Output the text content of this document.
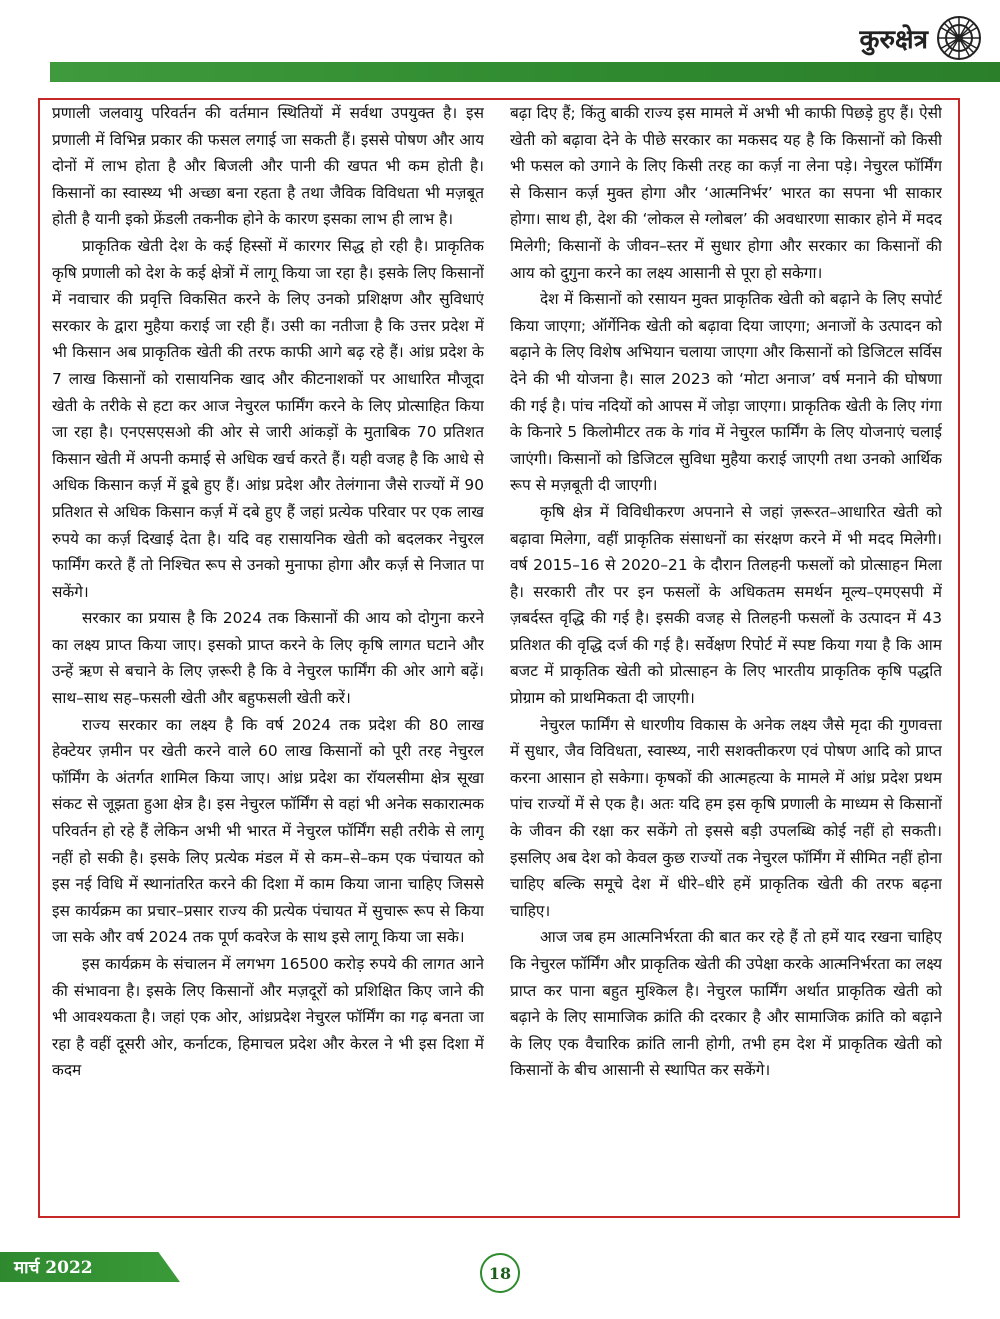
कुरुक्षेत्र

प्रणाली जलवायु परिवर्तन की वर्तमान स्थितियों में सर्वथा उपयुक्त है। इस प्रणाली में विभिन्न प्रकार की फसल लगाई जा सकती हैं। इससे पोषण और आय दोनों में लाभ होता है और बिजली और पानी की खपत भी कम होती है। किसानों का स्वास्थ्य भी अच्छा बना रहता है तथा जैविक विविधता भी मज़बूत होती है यानी इको फ्रेंडली तकनीक होने के कारण इसका लाभ ही लाभ है।

प्राकृतिक खेती देश के कई हिस्सों में कारगर सिद्ध हो रही है। प्राकृतिक कृषि प्रणाली को देश के कई क्षेत्रों में लागू किया जा रहा है। इसके लिए किसानों में नवाचार की प्रवृत्ति विकसित करने के लिए उनको प्रशिक्षण और सुविधाएं सरकार के द्वारा मुहैया कराई जा रही हैं। उसी का नतीजा है कि उत्तर प्रदेश में भी किसान अब प्राकृतिक खेती की तरफ काफी आगे बढ़ रहे हैं। आंध्र प्रदेश के 7 लाख किसानों को रासायनिक खाद और कीटनाशकों पर आधारित मौजूदा खेती के तरीके से हटा कर आज नेचुरल फार्मिंग करने के लिए प्रोत्साहित किया जा रहा है। एनएसएसओ की ओर से जारी आंकड़ों के मुताबिक 70 प्रतिशत किसान खेती में अपनी कमाई से अधिक खर्च करते हैं। यही वजह है कि आधे से अधिक किसान कर्ज़ में डूबे हुए हैं। आंध्र प्रदेश और तेलंगाना जैसे राज्यों में 90 प्रतिशत से अधिक किसान कर्ज़ में दबे हुए हैं जहां प्रत्येक परिवार पर एक लाख रुपये का कर्ज़ दिखाई देता है। यदि वह रासायनिक खेती को बदलकर नेचुरल फार्मिंग करते हैं तो निश्चित रूप से उनको मुनाफा होगा और कर्ज़ से निजात पा सकेंगे।

सरकार का प्रयास है कि 2024 तक किसानों की आय को दोगुना करने का लक्ष्य प्राप्त किया जाए। इसको प्राप्त करने के लिए कृषि लागत घटाने और उन्हें ऋण से बचाने के लिए ज़रूरी है कि वे नेचुरल फार्मिंग की ओर आगे बढ़ें। साथ–साथ सह–फसली खेती और बहुफसली खेती करें।

राज्य सरकार का लक्ष्य है कि वर्ष 2024 तक प्रदेश की 80 लाख हेक्टेयर ज़मीन पर खेती करने वाले 60 लाख किसानों को पूरी तरह नेचुरल फॉर्मिंग के अंतर्गत शामिल किया जाए। आंध्र प्रदेश का रॉयलसीमा क्षेत्र सूखा संकट से जूझता हुआ क्षेत्र है। इस नेचुरल फॉर्मिंग से वहां भी अनेक सकारात्मक परिवर्तन हो रहे हैं लेकिन अभी भी भारत में नेचुरल फॉर्मिंग सही तरीके से लागू नहीं हो सकी है। इसके लिए प्रत्येक मंडल में से कम–से–कम एक पंचायत को इस नई विधि में स्थानांतरित करने की दिशा में काम किया जाना चाहिए जिससे इस कार्यक्रम का प्रचार–प्रसार राज्य की प्रत्येक पंचायत में सुचारू रूप से किया जा सके और वर्ष 2024 तक पूर्ण कवरेज के साथ इसे लागू किया जा सके।

इस कार्यक्रम के संचालन में लगभग 16500 करोड़ रुपये की लागत आने की संभावना है। इसके लिए किसानों और मज़दूरों को प्रशिक्षित किए जाने की भी आवश्यकता है। जहां एक ओर, आंध्रप्रदेश नेचुरल फॉर्मिंग का गढ़ बनता जा रहा है वहीं दूसरी ओर, कर्नाटक, हिमाचल प्रदेश और केरल ने भी इस दिशा में कदम

बढ़ा दिए हैं; किंतु बाकी राज्य इस मामले में अभी भी काफी पिछड़े हुए हैं। ऐसी खेती को बढ़ावा देने के पीछे सरकार का मकसद यह है कि किसानों को किसी भी फसल को उगाने के लिए किसी तरह का कर्ज़ ना लेना पड़े। नेचुरल फॉर्मिंग से किसान कर्ज़ मुक्त होगा और ‘आत्मनिर्भर’ भारत का सपना भी साकार होगा। साथ ही, देश की ‘लोकल से ग्लोबल’ की अवधारणा साकार होने में मदद मिलेगी; किसानों के जीवन–स्तर में सुधार होगा और सरकार का किसानों की आय को दुगुना करने का लक्ष्य आसानी से पूरा हो सकेगा।

देश में किसानों को रसायन मुक्त प्राकृतिक खेती को बढ़ाने के लिए सपोर्ट किया जाएगा; ऑर्गेनिक खेती को बढ़ावा दिया जाएगा; अनाजों के उत्पादन को बढ़ाने के लिए विशेष अभियान चलाया जाएगा और किसानों को डिजिटल सर्विस देने की भी योजना है। साल 2023 को ‘मोटा अनाज’ वर्ष मनाने की घोषणा की गई है। पांच नदियों को आपस में जोड़ा जाएगा। प्राकृतिक खेती के लिए गंगा के किनारे 5 किलोमीटर तक के गांव में नेचुरल फार्मिंग के लिए योजनाएं चलाई जाएंगी। किसानों को डिजिटल सुविधा मुहैया कराई जाएगी तथा उनको आर्थिक रूप से मज़बूती दी जाएगी।

कृषि क्षेत्र में विविधीकरण अपनाने से जहां ज़रूरत–आधारित खेती को बढ़ावा मिलेगा, वहीं प्राकृतिक संसाधनों का संरक्षण करने में भी मदद मिलेगी। वर्ष 2015–16 से 2020–21 के दौरान तिलहनी फसलों को प्रोत्साहन मिला है। सरकारी तौर पर इन फसलों के अधिकतम समर्थन मूल्य–एमएसपी में ज़बर्दस्त वृद्धि की गई है। इसकी वजह से तिलहनी फसलों के उत्पादन में 43 प्रतिशत की वृद्धि दर्ज की गई है। सर्वेक्षण रिपोर्ट में स्पष्ट किया गया है कि आम बजट में प्राकृतिक खेती को प्रोत्साहन के लिए भारतीय प्राकृतिक कृषि पद्धति प्रोग्राम को प्राथमिकता दी जाएगी।

नेचुरल फार्मिंग से धारणीय विकास के अनेक लक्ष्य जैसे मृदा की गुणवत्ता में सुधार, जैव विविधता, स्वास्थ्य, नारी सशक्तीकरण एवं पोषण आदि को प्राप्त करना आसान हो सकेगा। कृषकों की आत्महत्या के मामले में आंध्र प्रदेश प्रथम पांच राज्यों में से एक है। अतः यदि हम इस कृषि प्रणाली के माध्यम से किसानों के जीवन की रक्षा कर सकेंगे तो इससे बड़ी उपलब्धि कोई नहीं हो सकती। इसलिए अब देश को केवल कुछ राज्यों तक नेचुरल फॉर्मिंग में सीमित नहीं होना चाहिए बल्कि समूचे देश में धीरे–धीरे हमें प्राकृतिक खेती की तरफ बढ़ना चाहिए।

आज जब हम आत्मनिर्भरता की बात कर रहे हैं तो हमें याद रखना चाहिए कि नेचुरल फॉर्मिंग और प्राकृतिक खेती की उपेक्षा करके आत्मनिर्भरता का लक्ष्य प्राप्त कर पाना बहुत मुश्किल है। नेचुरल फार्मिंग अर्थात प्राकृतिक खेती को बढ़ाने के लिए सामाजिक क्रांति की दरकार है और सामाजिक क्रांति को बढ़ाने के लिए एक वैचारिक क्रांति लानी होगी, तभी हम देश में प्राकृतिक खेती को किसानों के बीच आसानी से स्थापित कर सकेंगे।

मार्च 2022	18
